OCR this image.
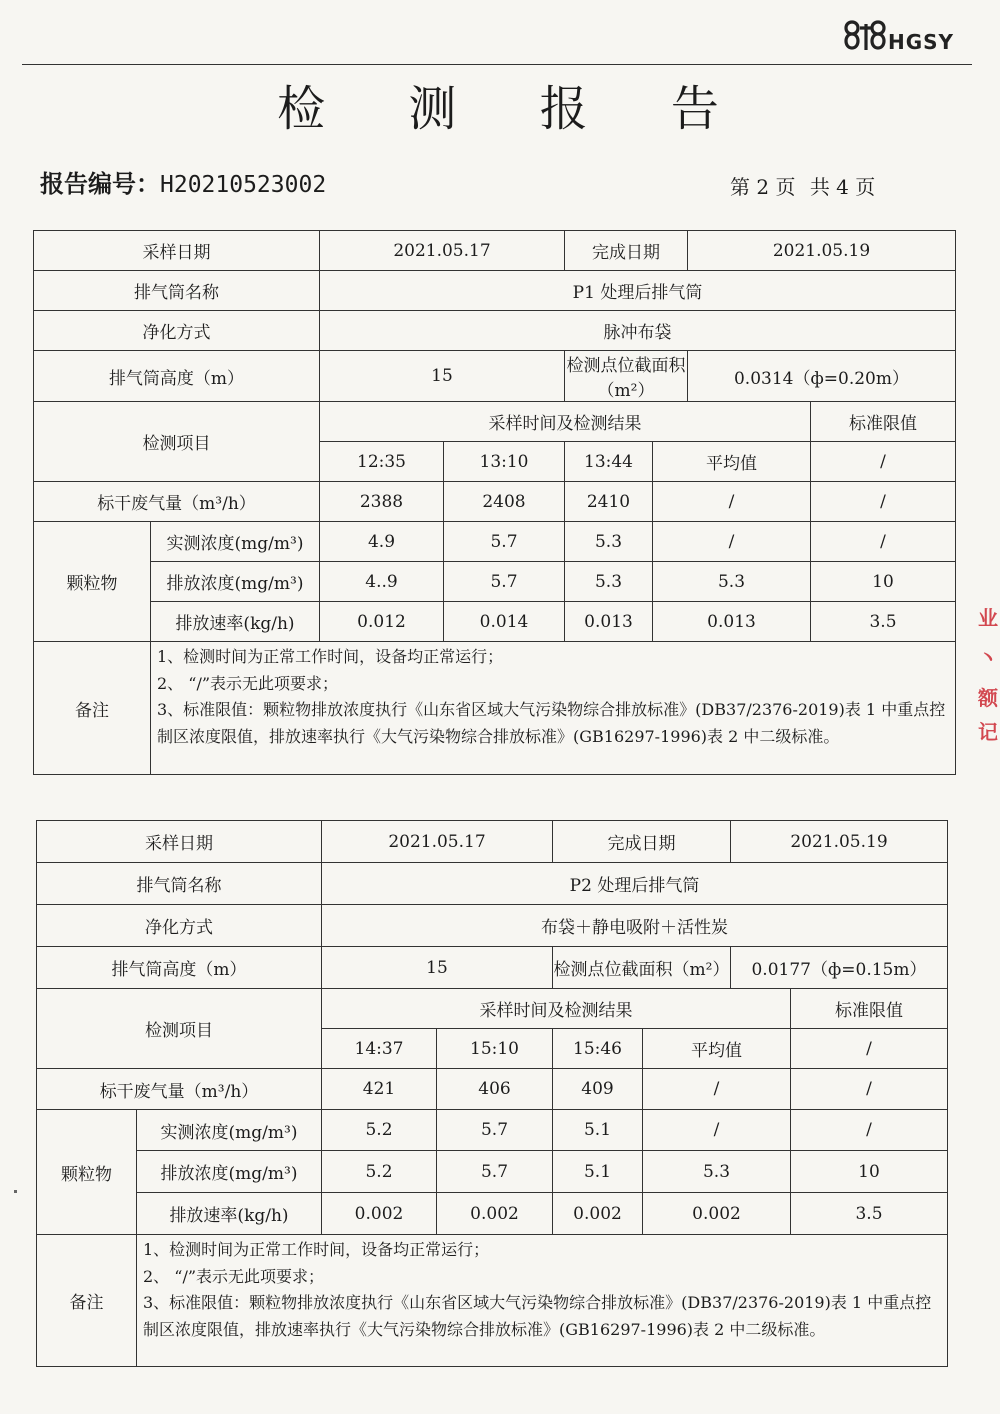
HGSY
检 测 报 告
报告编号：H20210523002	第 2 页 共 4 页
采样日期		2021.05.17		完成日期		2021.05.19	
排气筒名称		P1 处理后排气筒					
净化方式		脉冲布袋					
排气筒高度（m）		15		检测点位截面积（m²）		0.0314（ф=0.20m）	
检测项目		采样时间及检测结果					标准限值
		12:35	13:10	13:44	平均值		/
标干废气量（m³/h）		2388	2408	2410	/		/
颗粒物	实测浓度(mg/m³)	4.9	5.7	5.3	/		/
	排放浓度(mg/m³)	4..9	5.7	5.3	5.3		10
	排放速率(kg/h)	0.012	0.014	0.013	0.013		3.5
备注	1、检测时间为正常工作时间，设备均正常运行；
2、 “/”表示无此项要求；
3、标准限值：颗粒物排放浓度执行《山东省区域大气污染物综合排放标准》(DB37/2376-2019)表 1 中重点控制区浓度限值，排放速率执行《大气污染物综合排放标准》(GB16297-1996)表 2 中二级标准。						
采样日期		2021.05.17		完成日期		2021.05.19	
排气筒名称		P2 处理后排气筒					
净化方式		布袋＋静电吸附＋活性炭					
排气筒高度（m）		15		检测点位截面积（m²）		0.0177（ф=0.15m）	
检测项目		采样时间及检测结果					标准限值
		14:37	15:10	15:46	平均值		/
标干废气量（m³/h）		421	406	409	/		/
颗粒物	实测浓度(mg/m³)	5.2	5.7	5.1	/		/
	排放浓度(mg/m³)	5.2	5.7	5.1	5.3		10
	排放速率(kg/h)	0.002	0.002	0.002	0.002		3.5
备注	1、检测时间为正常工作时间，设备均正常运行；
2、 “/”表示无此项要求；
3、标准限值：颗粒物排放浓度执行《山东省区域大气污染物综合排放标准》(DB37/2376-2019)表 1 中重点控制区浓度限值，排放速率执行《大气污染物综合排放标准》(GB16297-1996)表 2 中二级标准。						
业
丶
额
记
